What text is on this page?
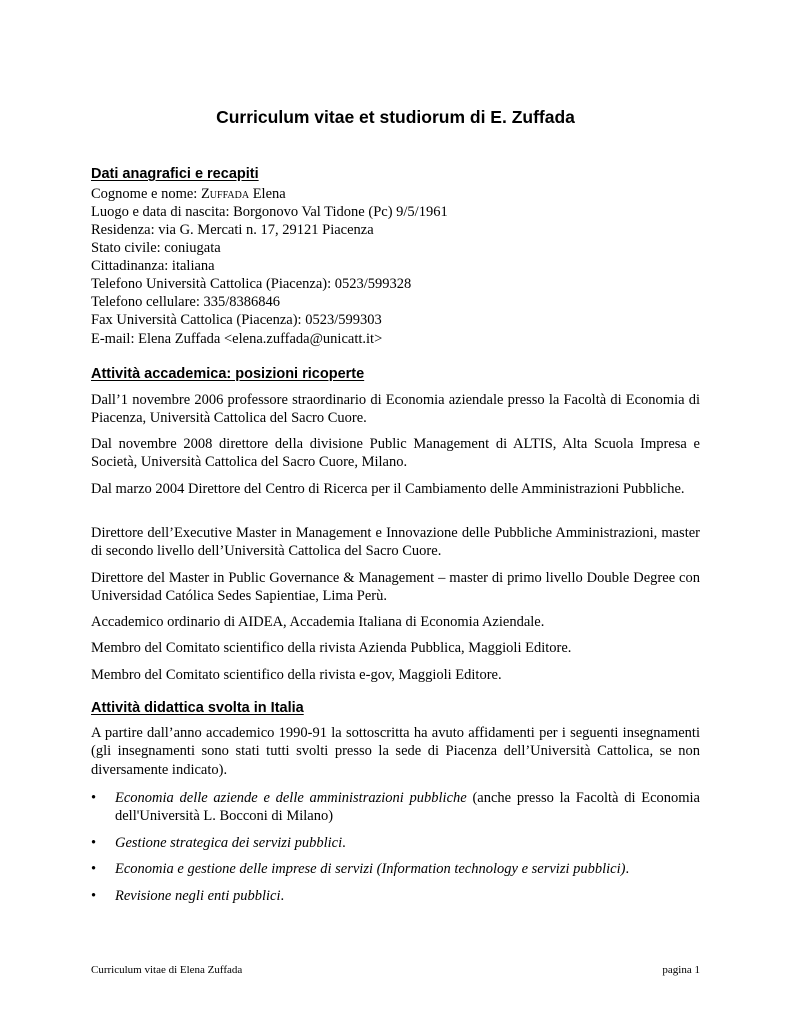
Curriculum vitae et studiorum di E. Zuffada
Dati anagrafici e recapiti
Cognome e nome: Zuffada Elena
Luogo e data di nascita: Borgonovo Val Tidone (Pc) 9/5/1961
Residenza: via G. Mercati n. 17, 29121 Piacenza
Stato civile: coniugata
Cittadinanza: italiana
Telefono Università Cattolica (Piacenza): 0523/599328
Telefono cellulare: 335/8386846
Fax Università Cattolica (Piacenza): 0523/599303
E-mail: Elena Zuffada <elena.zuffada@unicatt.it>
Attività accademica: posizioni ricoperte
Dall’1 novembre 2006 professore straordinario di Economia aziendale presso la Facoltà di Economia di Piacenza, Università Cattolica del Sacro Cuore.
Dal novembre 2008 direttore della divisione Public Management di ALTIS, Alta Scuola Impresa e Società, Università Cattolica del Sacro Cuore, Milano.
Dal marzo 2004 Direttore del Centro di Ricerca per il Cambiamento delle Amministrazioni Pubbliche.
Direttore dell’Executive Master in Management e Innovazione delle Pubbliche Amministrazioni, master di secondo livello dell’Università Cattolica del Sacro Cuore.
Direttore del Master in Public Governance & Management – master di primo livello Double Degree con Universidad Católica Sedes Sapientiae, Lima Perù.
Accademico ordinario di AIDEA, Accademia Italiana di Economia Aziendale.
Membro del Comitato scientifico della rivista Azienda Pubblica, Maggioli Editore.
Membro del Comitato scientifico della rivista e-gov, Maggioli Editore.
Attività didattica svolta in Italia
A partire dall’anno accademico 1990-91 la sottoscritta ha avuto affidamenti per i seguenti insegnamenti (gli insegnamenti sono stati tutti svolti presso la sede di Piacenza dell’Università Cattolica, se non diversamente indicato).
• Economia delle aziende e delle amministrazioni pubbliche (anche presso la Facoltà di Economia dell'Università L. Bocconi di Milano)
• Gestione strategica dei servizi pubblici.
• Economia e gestione delle imprese di servizi (Information technology e servizi pubblici).
• Revisione negli enti pubblici.
Curriculum vitae di Elena Zuffada	pagina 1
